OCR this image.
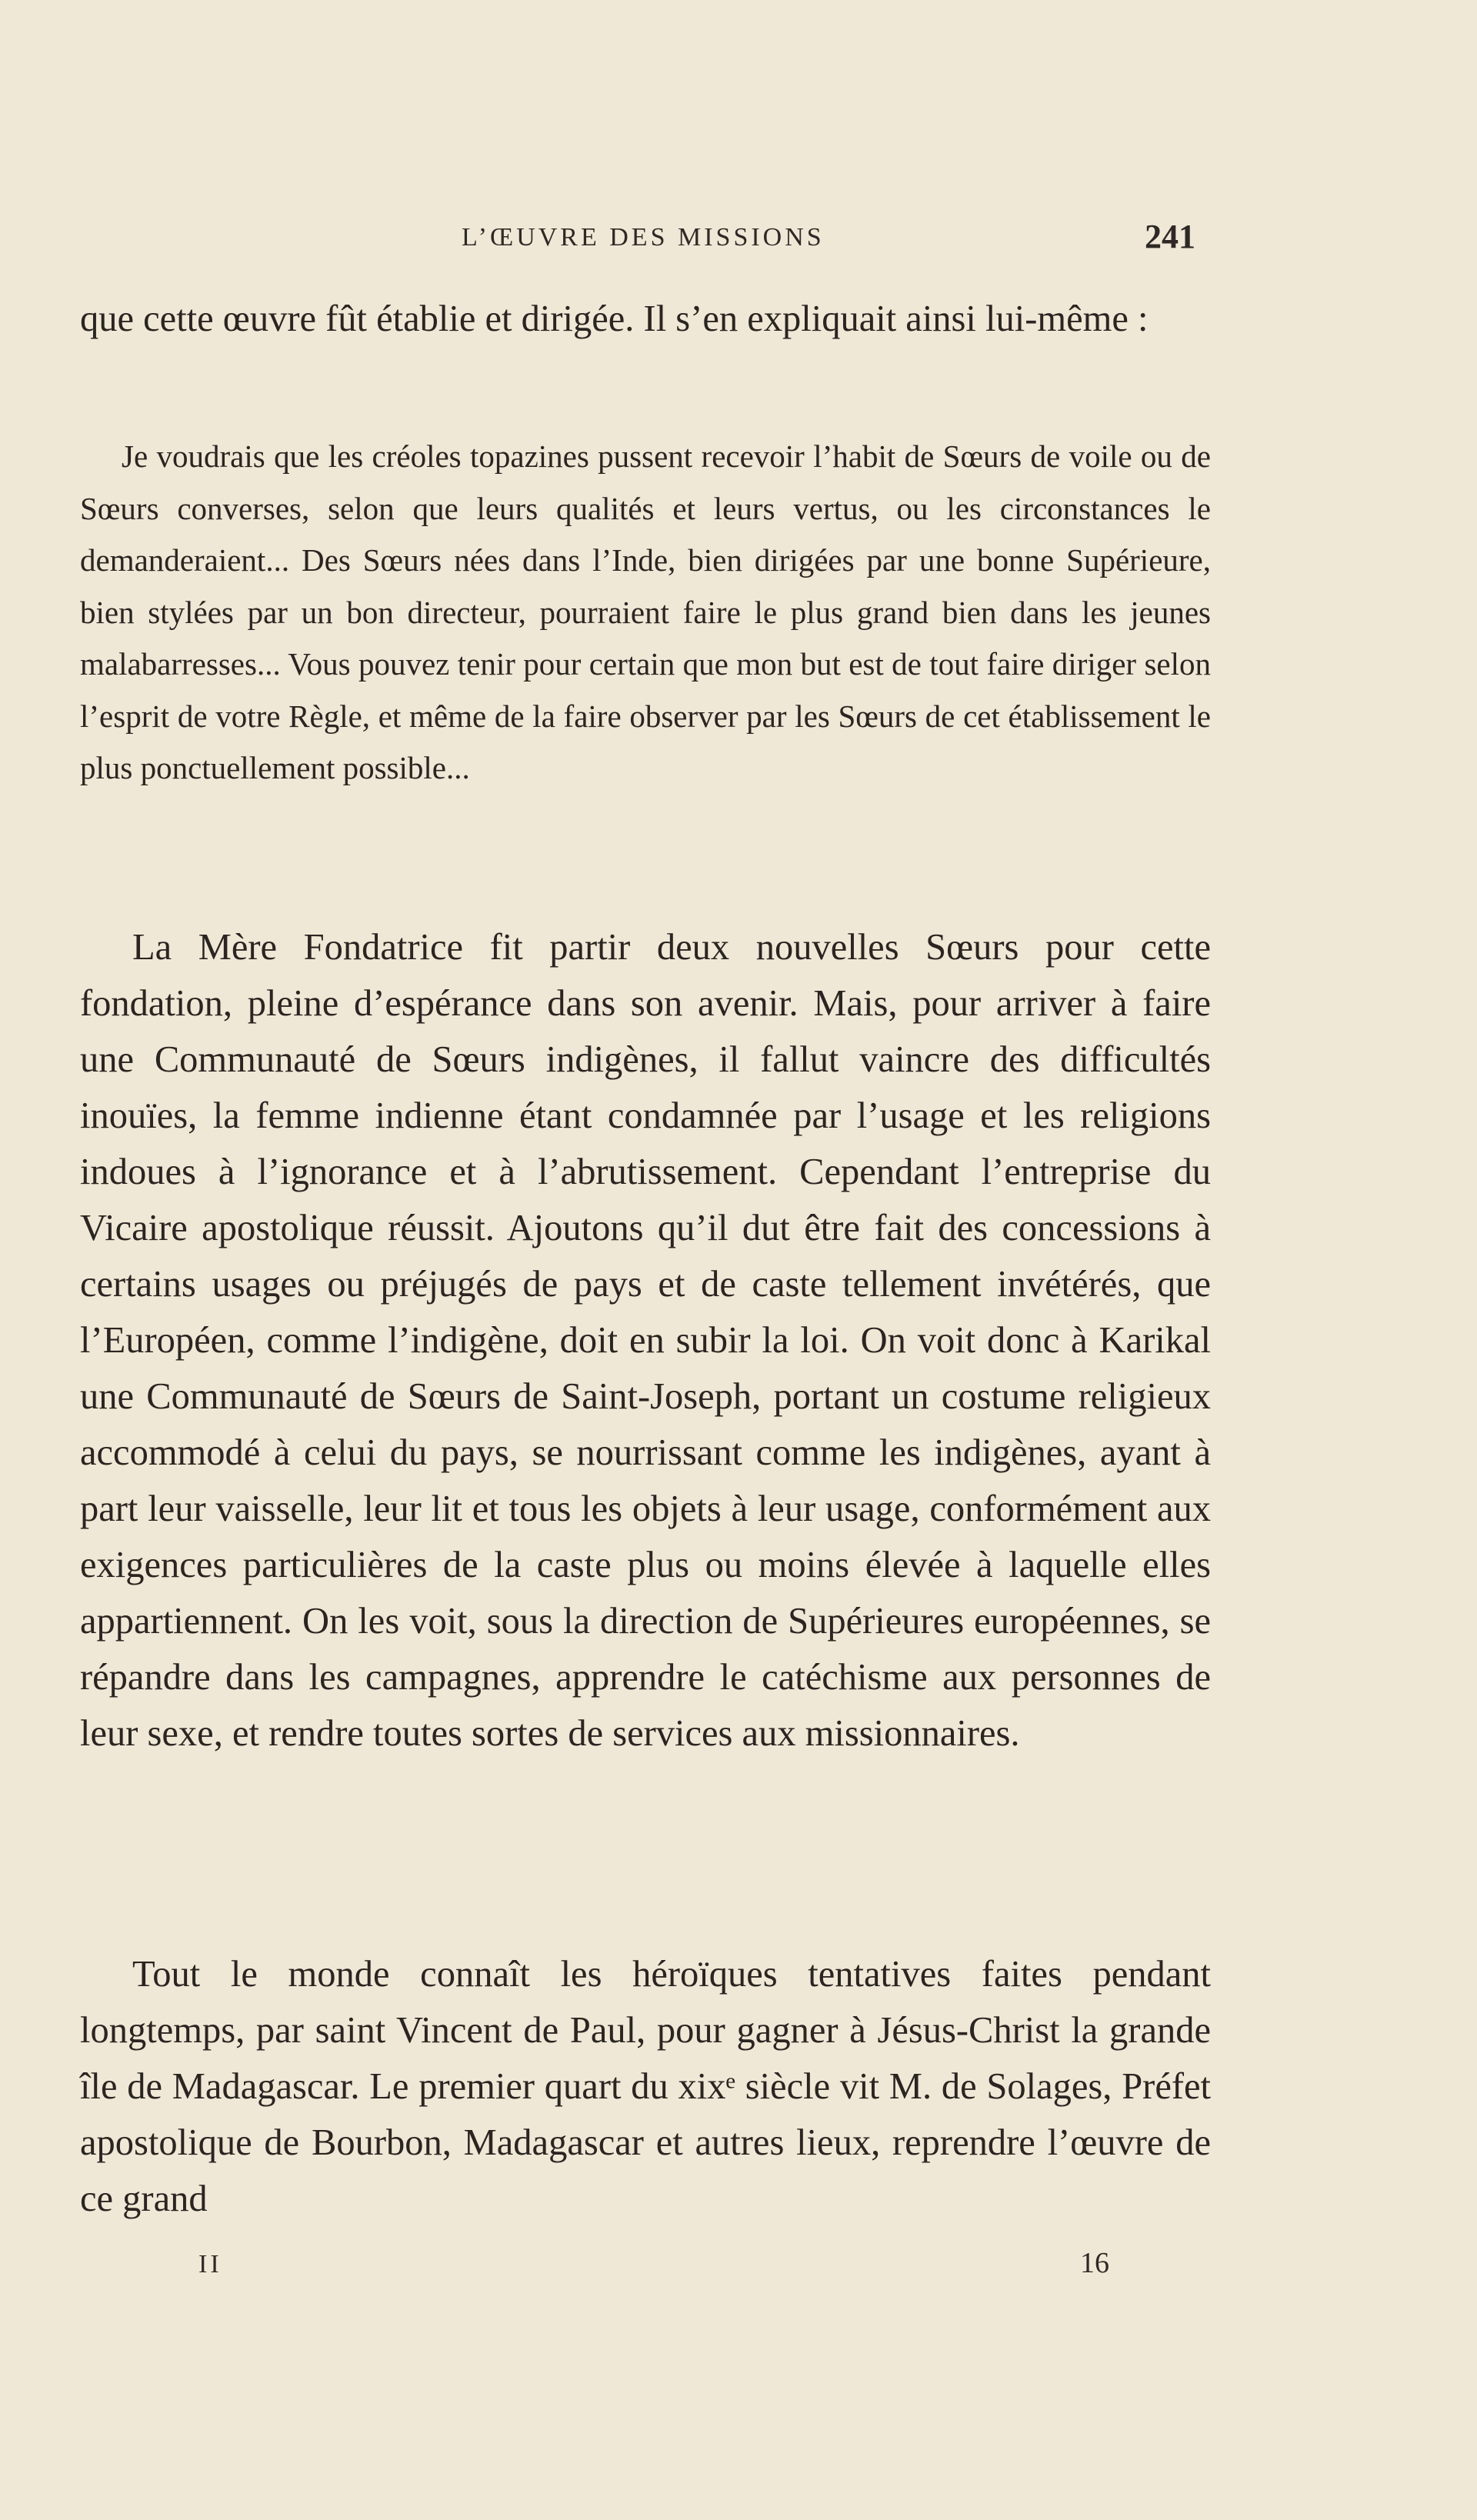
L’ŒUVRE DES MISSIONS	241

que cette œuvre fût établie et dirigée. Il s’en expliquait ainsi lui-même :

Je voudrais que les créoles topazines pussent recevoir l’habit de Sœurs de voile ou de Sœurs converses, selon que leurs qualités et leurs vertus, ou les circonstances le demanderaient... Des Sœurs nées dans l’Inde, bien dirigées par une bonne Supérieure, bien stylées par un bon directeur, pourraient faire le plus grand bien dans les jeunes malabarresses... Vous pouvez tenir pour certain que mon but est de tout faire diriger selon l’esprit de votre Règle, et même de la faire observer par les Sœurs de cet établissement le plus ponctuellement possible...

La Mère Fondatrice fit partir deux nouvelles Sœurs pour cette fondation, pleine d’espérance dans son avenir. Mais, pour arriver à faire une Communauté de Sœurs indigènes, il fallut vaincre des difficultés inouïes, la femme indienne étant condamnée par l’usage et les religions indoues à l’ignorance et à l’abrutissement. Cependant l’entreprise du Vicaire apostolique réussit. Ajoutons qu’il dut être fait des concessions à certains usages ou préjugés de pays et de caste tellement invétérés, que l’Européen, comme l’indigène, doit en subir la loi. On voit donc à Karikal une Communauté de Sœurs de Saint-Joseph, portant un costume religieux accommodé à celui du pays, se nourrissant comme les indigènes, ayant à part leur vaisselle, leur lit et tous les objets à leur usage, conformément aux exigences particulières de la caste plus ou moins élevée à laquelle elles appartiennent. On les voit, sous la direction de Supérieures européennes, se répandre dans les campagnes, apprendre le catéchisme aux personnes de leur sexe, et rendre toutes sortes de services aux missionnaires.

Tout le monde connaît les héroïques tentatives faites pendant longtemps, par saint Vincent de Paul, pour gagner à Jésus-Christ la grande île de Madagascar. Le premier quart du xixᵉ siècle vit M. de Solages, Préfet apostolique de Bourbon, Madagascar et autres lieux, reprendre l’œuvre de ce grand

II	16
